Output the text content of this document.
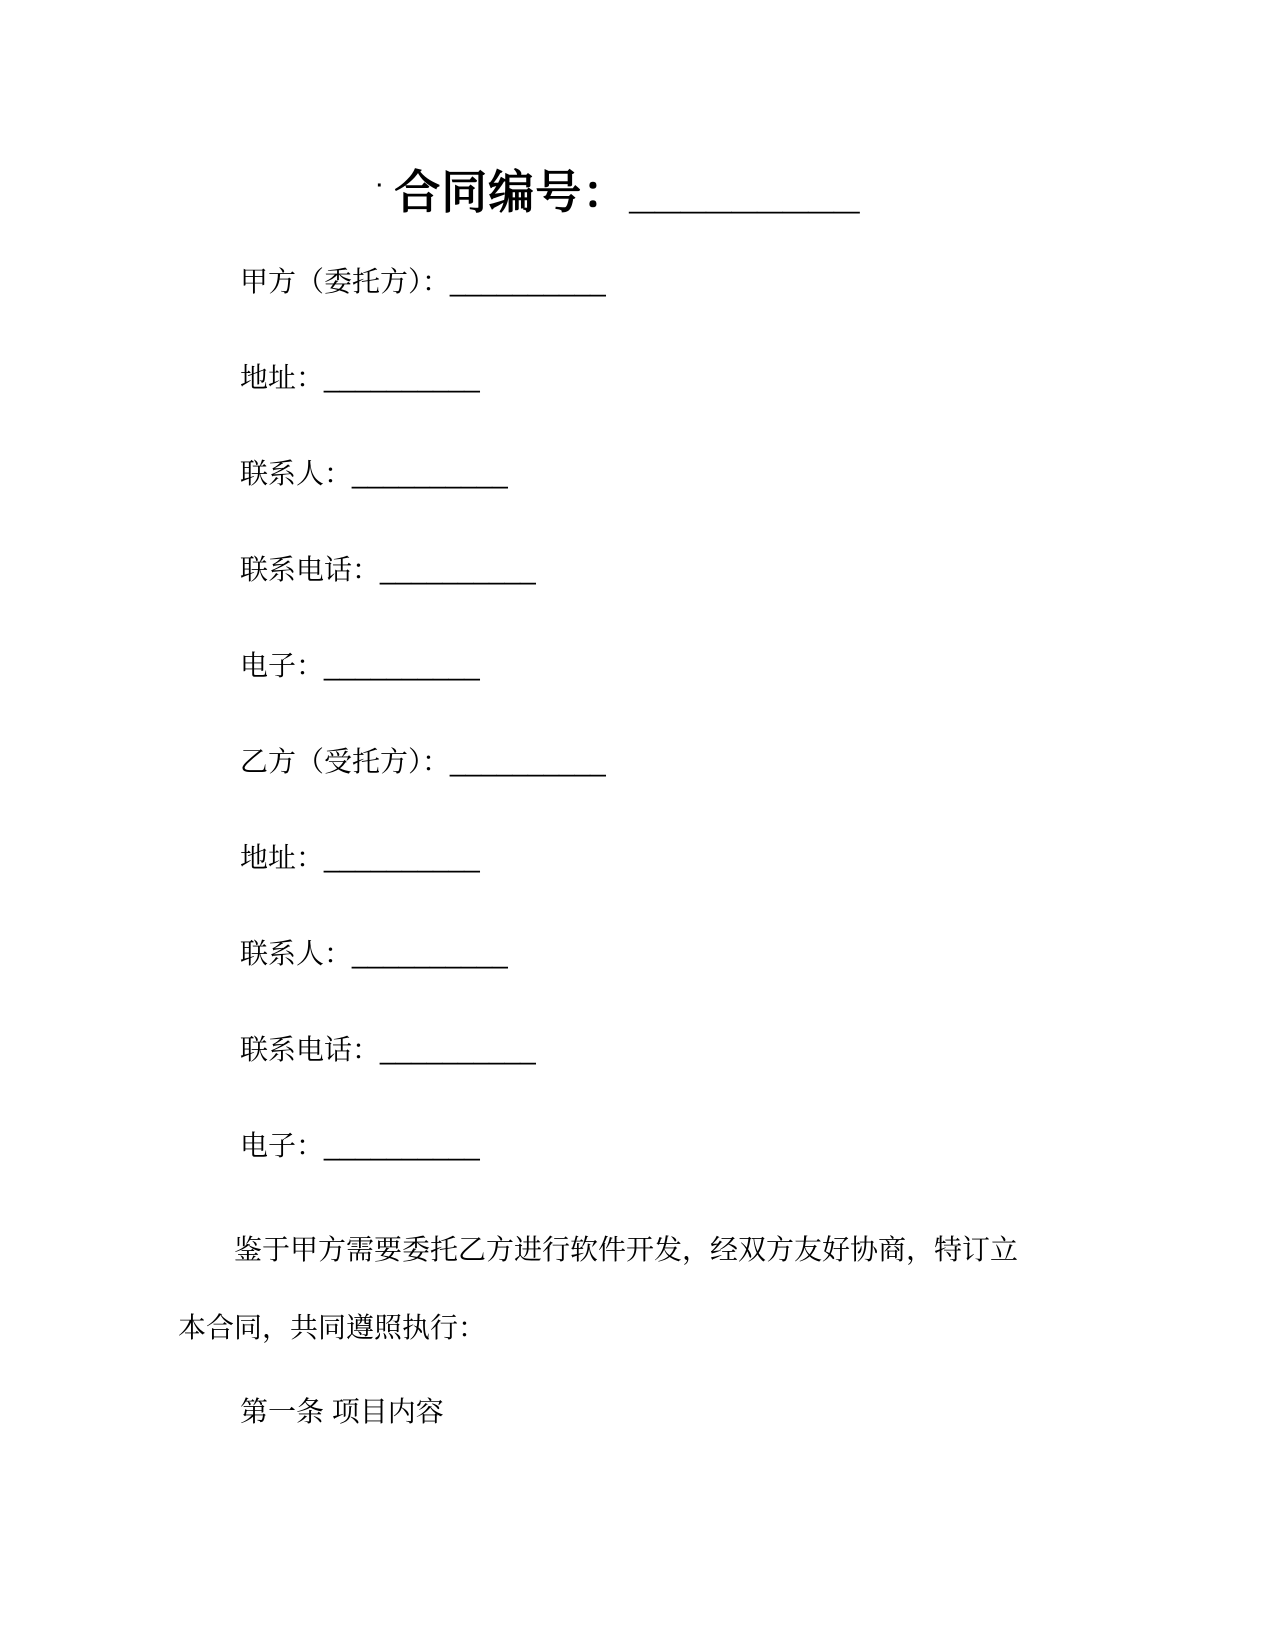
· 合同编号：_________

甲方（委托方）：__________

地址：__________

联系人：__________

联系电话：__________

电子：__________

乙方（受托方）：__________

地址：__________

联系人：__________

联系电话：__________

电子：__________

鉴于甲方需要委托乙方进行软件开发，经双方友好协商，特订立本合同，共同遵照执行：

第一条 项目内容
